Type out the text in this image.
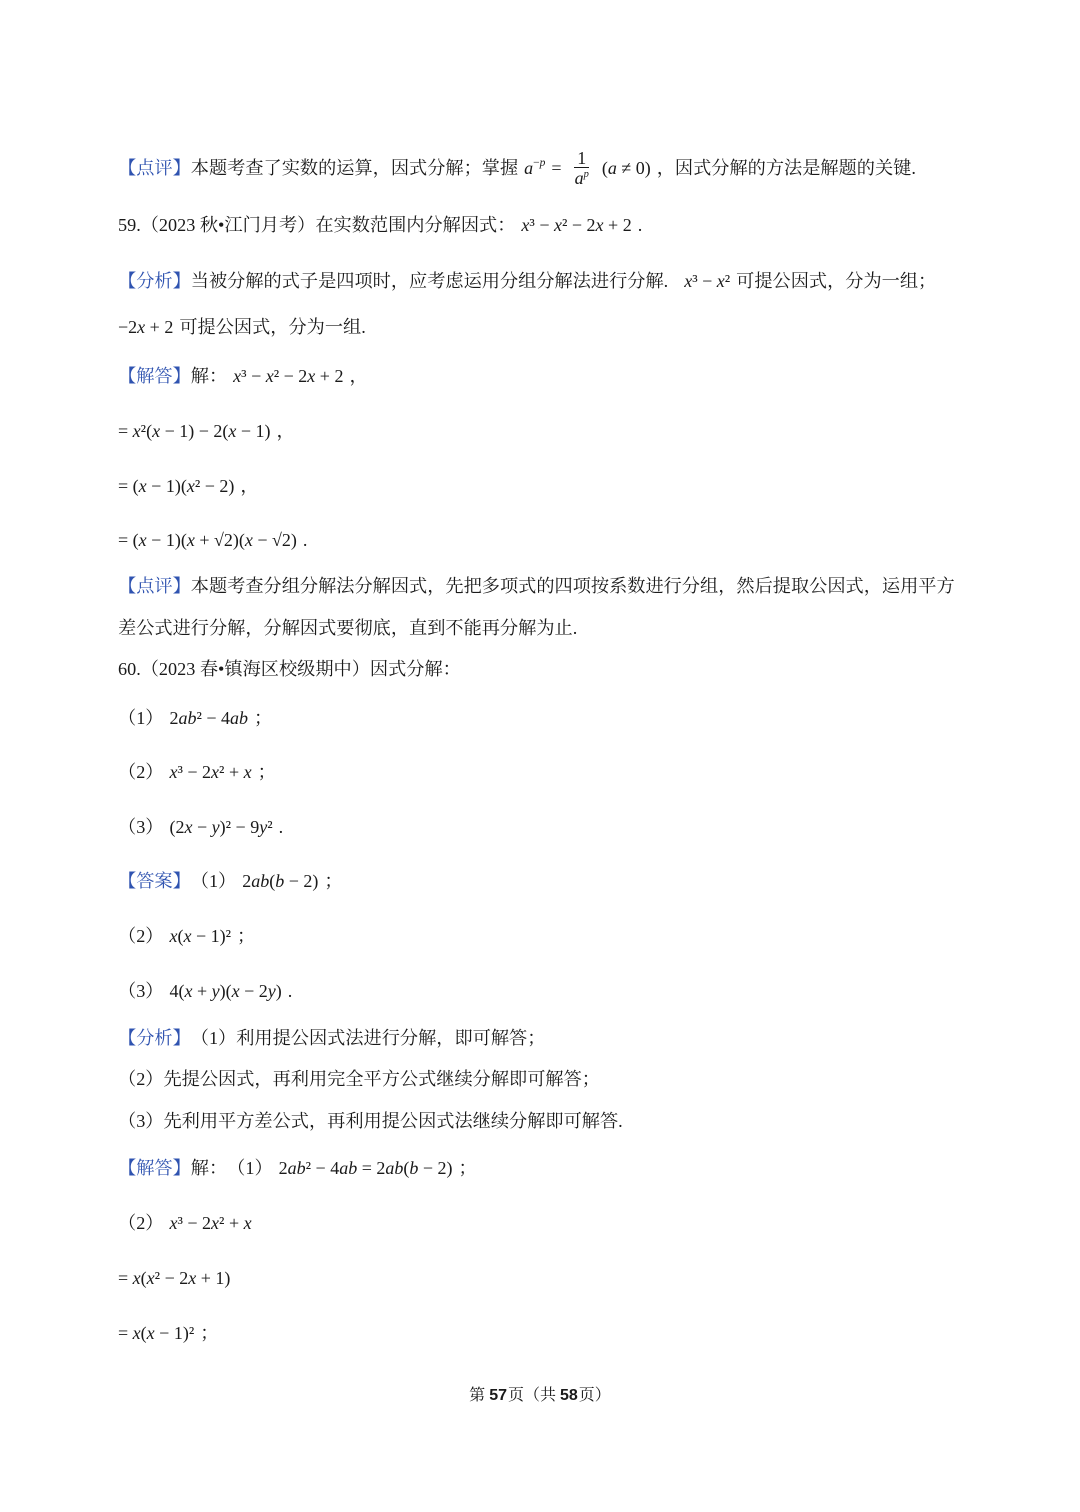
【点评】 本题考查了实数的运算，因式分解；掌握 $a^{-p} = \frac{1}{a^p} (a \ne 0)$ ，因式分解的方法是解题的关键.
59. （2023 秋•江门月考） 在实数范围内分解因式： x³ − x² − 2x + 2 .
【分析】 当被分解的式子是四项时，应考虑运用分组分解法进行分解. x³ − x² 可提公因式，分为一组；
−2x + 2 可提公因式，分为一组.
【解答】 解： x³ − x² − 2x + 2 ，
= x²(x − 1) − 2(x − 1) ，
= (x − 1)(x² − 2) ，
= (x − 1)(x + √2)(x − √2) .
【点评】 本题考查分组分解法分解因式，先把多项式的四项按系数进行分组，然后提取公因式，运用平方
差公式进行分解，分解因式要彻底，直到不能再分解为止.
60. （2023 春•镇海区校级期中） 因式分解：
（1） 2ab² − 4ab ；
（2） x³ − 2x² + x ；
（3） (2x − y)² − 9y² .
【答案】 （1） 2ab(b − 2) ；
（2） x(x − 1)² ；
（3） 4(x + y)(x − 2y) .
【分析】 （1）利用提公因式法进行分解，即可解答；
（2）先提公因式，再利用完全平方公式继续分解即可解答；
（3）先利用平方差公式，再利用提公因式法继续分解即可解答.
【解答】 解： （1） 2ab² − 4ab = 2ab(b − 2) ；
（2） x³ − 2x² + x
= x(x² − 2x + 1)
= x(x − 1)² ；
第 57页（共 58页）
